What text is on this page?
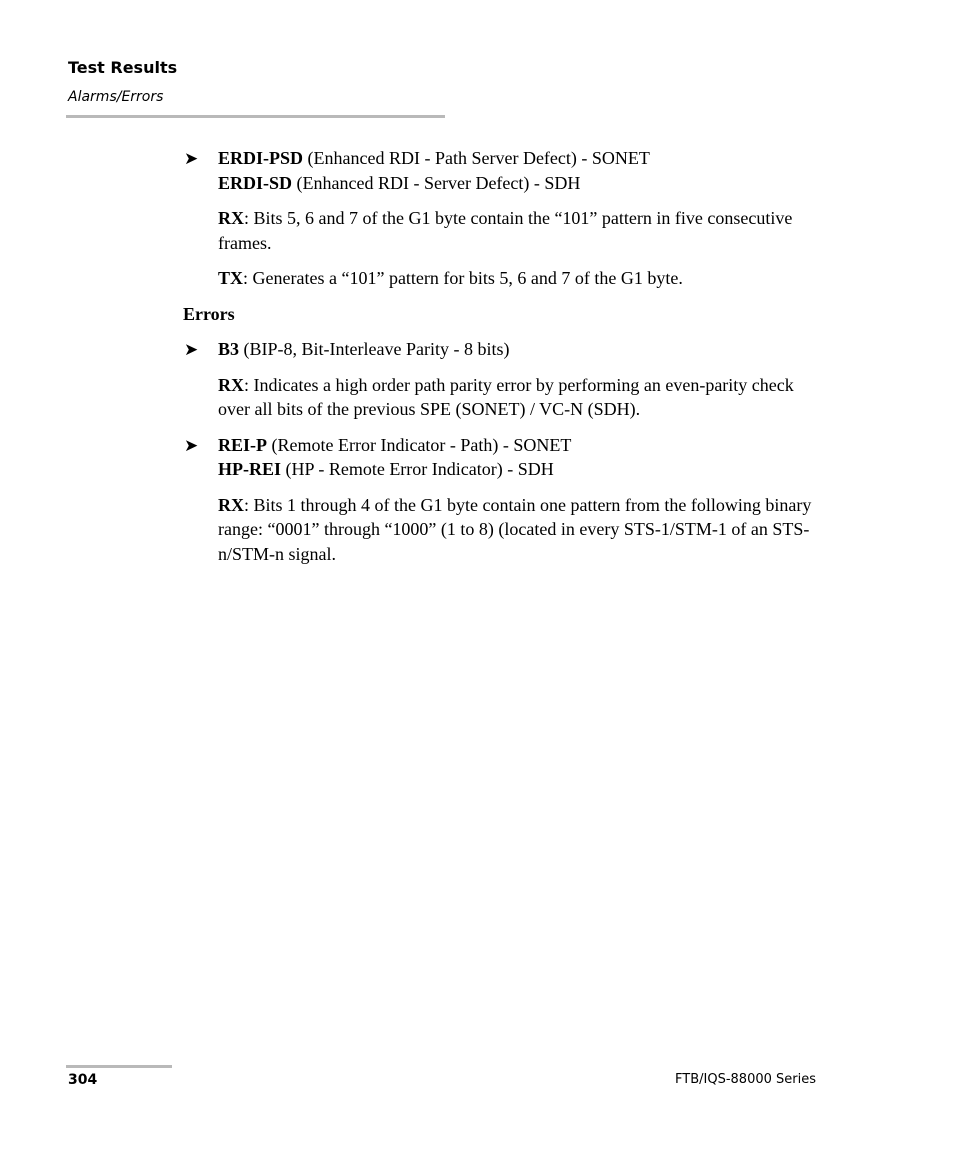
Test Results
Alarms/Errors
➤ ERDI-PSD (Enhanced RDI - Path Server Defect) - SONET
ERDI-SD (Enhanced RDI - Server Defect) - SDH

RX: Bits 5, 6 and 7 of the G1 byte contain the “101” pattern in five consecutive frames.

TX: Generates a “101” pattern for bits 5, 6 and 7 of the G1 byte.

Errors

➤ B3 (BIP-8, Bit-Interleave Parity - 8 bits)

RX: Indicates a high order path parity error by performing an even-parity check over all bits of the previous SPE (SONET) / VC-N (SDH).

➤ REI-P (Remote Error Indicator - Path) - SONET
HP-REI (HP - Remote Error Indicator) - SDH

RX: Bits 1 through 4 of the G1 byte contain one pattern from the following binary range: “0001” through “1000” (1 to 8) (located in every STS-1/STM-1 of an STS-n/STM-n signal.

304	FTB/IQS-88000 Series
